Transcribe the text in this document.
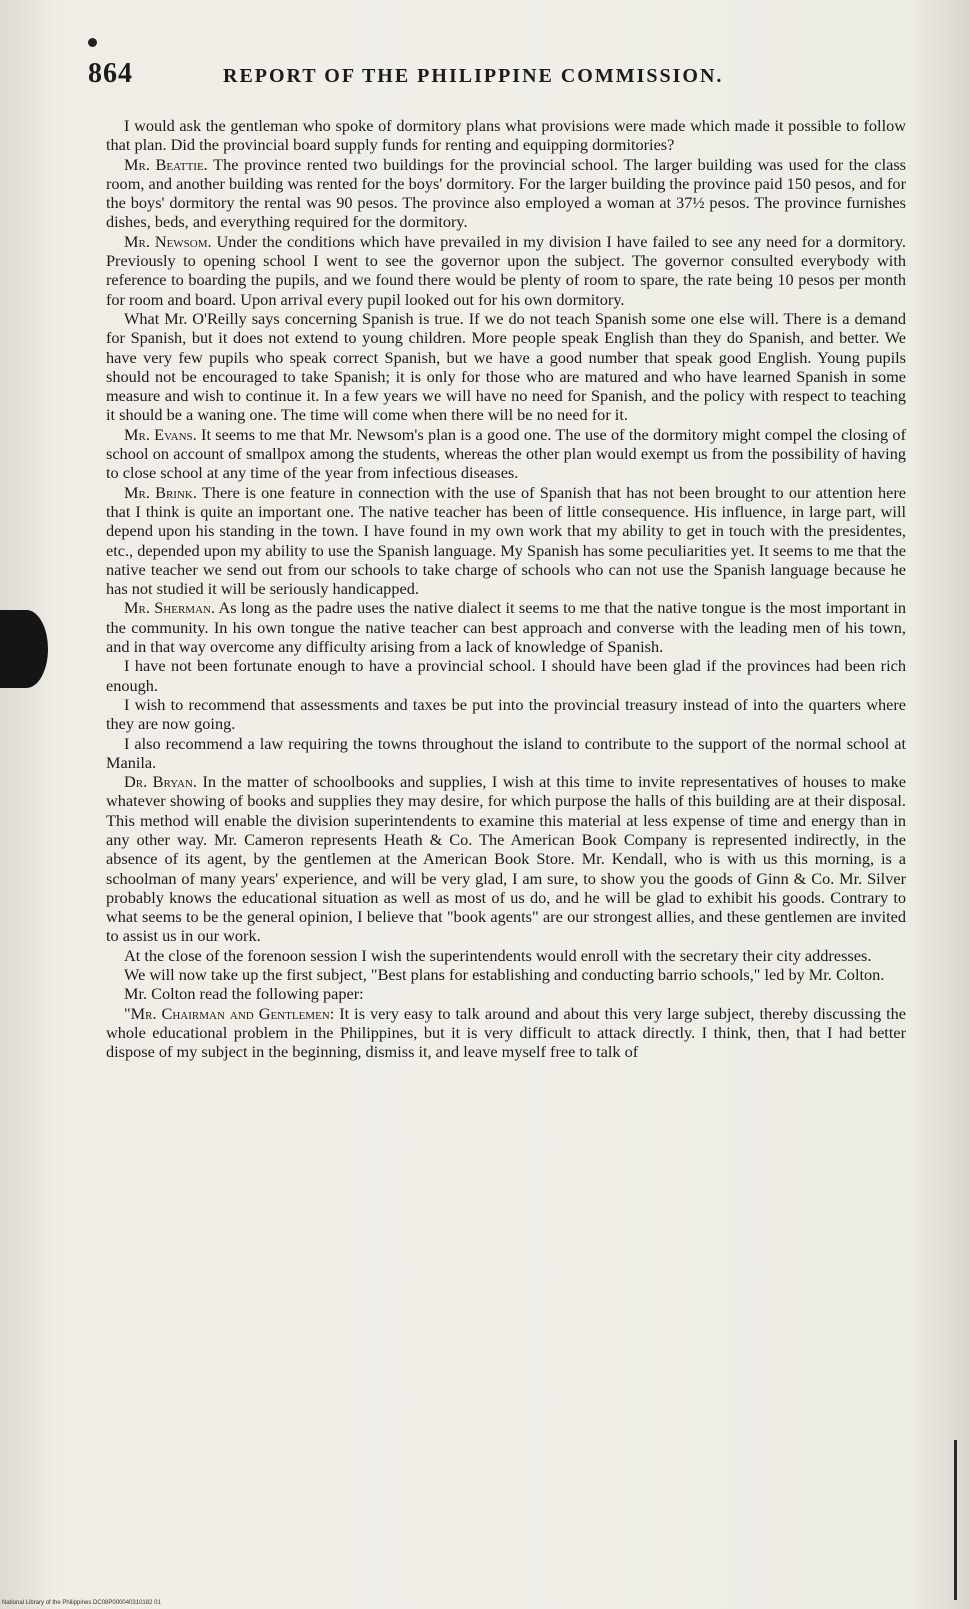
864	REPORT OF THE PHILIPPINE COMMISSION.

I would ask the gentleman who spoke of dormitory plans what provisions were made which made it possible to follow that plan. Did the provincial board supply funds for renting and equipping dormitories?

Mr. Beattie. The province rented two buildings for the provincial school. The larger building was used for the class room, and another building was rented for the boys' dormitory. For the larger building the province paid 150 pesos, and for the boys' dormitory the rental was 90 pesos. The province also employed a woman at 37½ pesos. The province furnishes dishes, beds, and everything required for the dormitory.

Mr. Newsom. Under the conditions which have prevailed in my division I have failed to see any need for a dormitory. Previously to opening school I went to see the governor upon the subject. The governor consulted everybody with reference to boarding the pupils, and we found there would be plenty of room to spare, the rate being 10 pesos per month for room and board. Upon arrival every pupil looked out for his own dormitory.

What Mr. O'Reilly says concerning Spanish is true. If we do not teach Spanish some one else will. There is a demand for Spanish, but it does not extend to young children. More people speak English than they do Spanish, and better. We have very few pupils who speak correct Spanish, but we have a good number that speak good English. Young pupils should not be encouraged to take Spanish; it is only for those who are matured and who have learned Spanish in some measure and wish to continue it. In a few years we will have no need for Spanish, and the policy with respect to teaching it should be a waning one. The time will come when there will be no need for it.

Mr. Evans. It seems to me that Mr. Newsom's plan is a good one. The use of the dormitory might compel the closing of school on account of smallpox among the students, whereas the other plan would exempt us from the possibility of having to close school at any time of the year from infectious diseases.

Mr. Brink. There is one feature in connection with the use of Spanish that has not been brought to our attention here that I think is quite an important one. The native teacher has been of little consequence. His influence, in large part, will depend upon his standing in the town. I have found in my own work that my ability to get in touch with the presidentes, etc., depended upon my ability to use the Spanish language. My Spanish has some peculiarities yet. It seems to me that the native teacher we send out from our schools to take charge of schools who can not use the Spanish language because he has not studied it will be seriously handicapped.

Mr. Sherman. As long as the padre uses the native dialect it seems to me that the native tongue is the most important in the community. In his own tongue the native teacher can best approach and converse with the leading men of his town, and in that way overcome any difficulty arising from a lack of knowledge of Spanish.

I have not been fortunate enough to have a provincial school. I should have been glad if the provinces had been rich enough.

I wish to recommend that assessments and taxes be put into the provincial treasury instead of into the quarters where they are now going.

I also recommend a law requiring the towns throughout the island to contribute to the support of the normal school at Manila.

Dr. Bryan. In the matter of schoolbooks and supplies, I wish at this time to invite representatives of houses to make whatever showing of books and supplies they may desire, for which purpose the halls of this building are at their disposal. This method will enable the division superintendents to examine this material at less expense of time and energy than in any other way. Mr. Cameron represents Heath & Co. The American Book Company is represented indirectly, in the absence of its agent, by the gentlemen at the American Book Store. Mr. Kendall, who is with us this morning, is a schoolman of many years' experience, and will be very glad, I am sure, to show you the goods of Ginn & Co. Mr. Silver probably knows the educational situation as well as most of us do, and he will be glad to exhibit his goods. Contrary to what seems to be the general opinion, I believe that "book agents" are our strongest allies, and these gentlemen are invited to assist us in our work.

At the close of the forenoon session I wish the superintendents would enroll with the secretary their city addresses.

We will now take up the first subject, "Best plans for establishing and conducting barrio schools," led by Mr. Colton.

Mr. Colton read the following paper:

"Mr. Chairman and Gentlemen: It is very easy to talk around and about this very large subject, thereby discussing the whole educational problem in the Philippines, but it is very difficult to attack directly. I think, then, that I had better dispose of my subject in the beginning, dismiss it, and leave myself free to talk of

National Library of the Philippines DC08P000040310182 01
